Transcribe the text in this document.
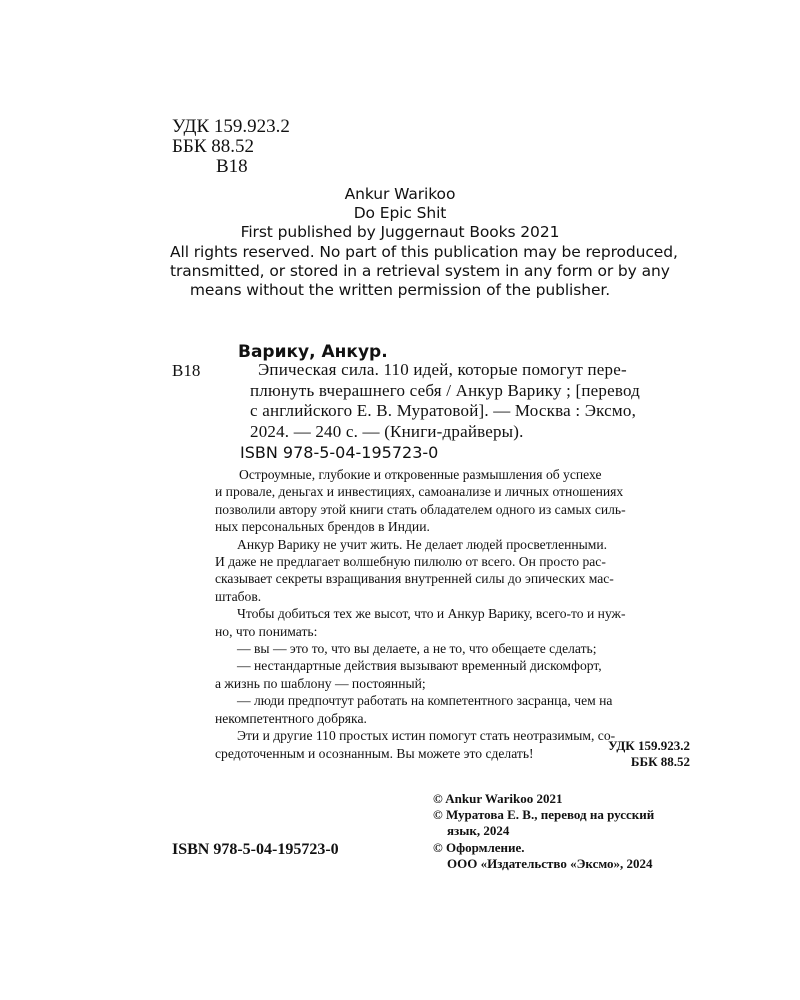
УДК 159.923.2
ББК 88.52
В18
Ankur Warikoo
Do Epic Shit
First published by Juggernaut Books 2021
All rights reserved. No part of this publication may be reproduced,
transmitted, or stored in a retrieval system in any form or by any
means without the written permission of the publisher.
Варику, Анкур.
В18	Эпическая сила. 110 идей, которые помогут пере-
плюнуть вчерашнего себя / Анкур Варику ; [перевод
с английского Е. В. Муратовой]. — Москва : Эксмо,
2024. — 240 с. — (Книги-драйверы).
ISBN 978-5-04-195723-0
Остроумные, глубокие и откровенные размышления об успехе
и провале, деньгах и инвестициях, самоанализе и личных отношениях
позволили автору этой книги стать обладателем одного из самых силь-
ных персональных брендов в Индии.
Анкур Варику не учит жить. Не делает людей просветленными.
И даже не предлагает волшебную пилюлю от всего. Он просто рас-
сказывает секреты взращивания внутренней силы до эпических мас-
штабов.
Чтобы добиться тех же высот, что и Анкур Варику, всего-то и нуж-
но, что понимать:
— вы — это то, что вы делаете, а не то, что обещаете сделать;
— нестандартные действия вызывают временный дискомфорт,
а жизнь по шаблону — постоянный;
— люди предпочтут работать на компетентного засранца, чем на
некомпетентного добряка.
Эти и другие 110 простых истин помогут стать неотразимым, со-
средоточенным и осознанным. Вы можете это сделать!	УДК 159.923.2
ББК 88.52
© Ankur Warikoo 2021
© Муратова Е. В., перевод на русский
язык, 2024
© Оформление.
ООО «Издательство «Эксмо», 2024
ISBN 978-5-04-195723-0
